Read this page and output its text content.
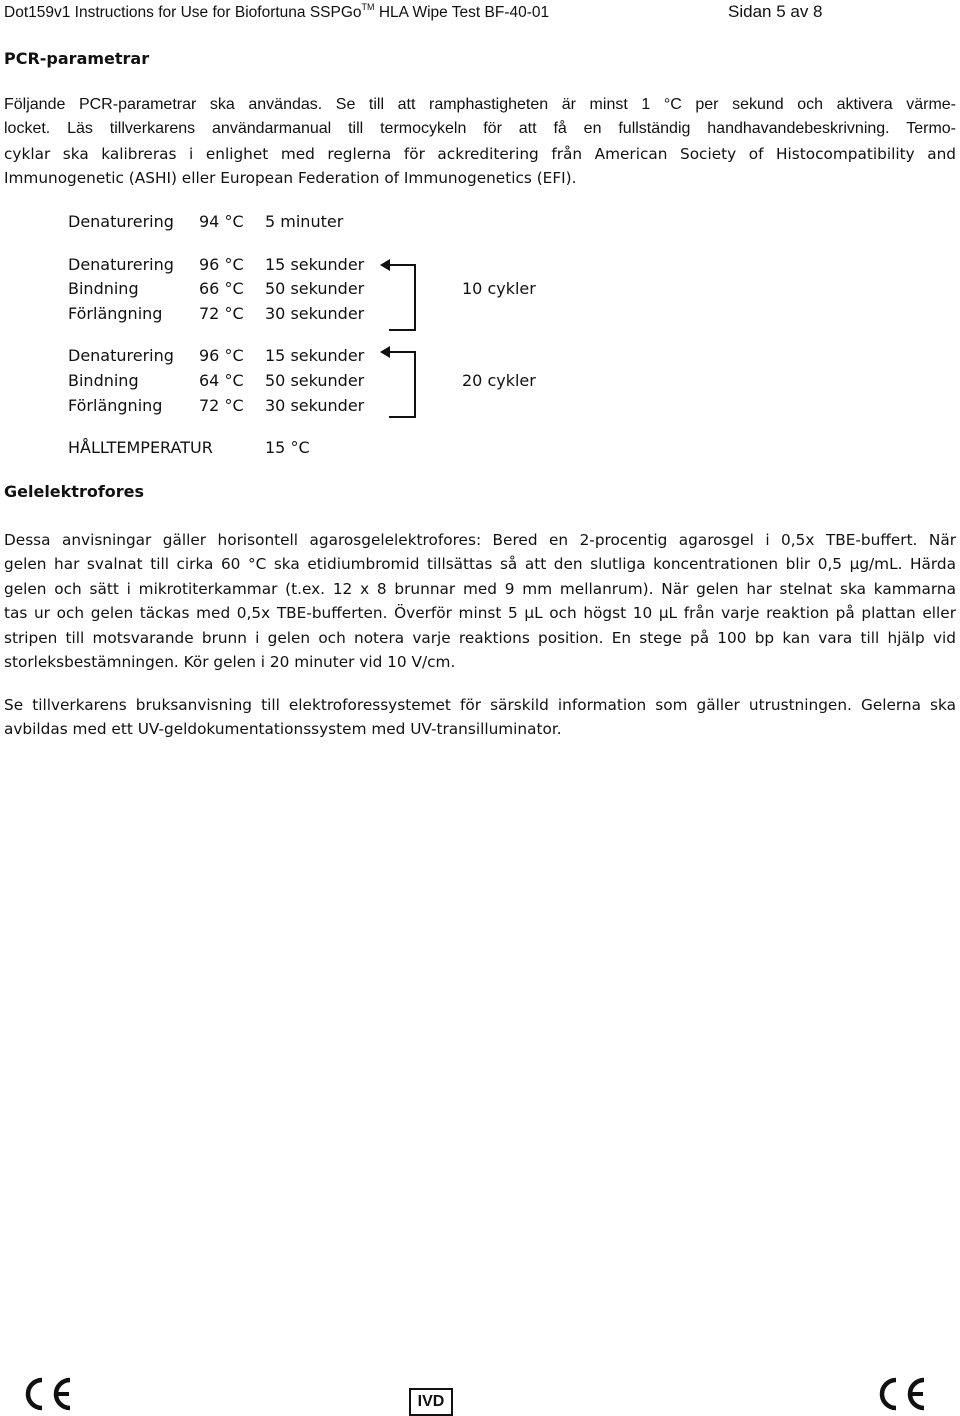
Dot159v1 Instructions for Use for Biofortuna SSPGo™ HLA Wipe Test BF-40-01	Sidan 5 av 8
PCR-parametrar
Följande PCR-parametrar ska användas. Se till att ramphastigheten är minst 1 °C per sekund och aktivera värme-
locket. Läs tillverkarens användarmanual till termocykeln för att få en fullständig handhavandebeskrivning. Termo-
cyklar ska kalibreras i enlighet med reglerna för ackreditering från American Society of Histocompatibility and
Immunogenetic (ASHI) eller European Federation of Immunogenetics (EFI).
Denaturering 94 °C 5 minuter
Denaturering 96 °C 15 sekunder
Bindning	66 °C 50 sekunder
Förlängning 72 °C 30 sekunder
10 cykler
Denaturering 96 °C 15 sekunder
Bindning	64 °C 50 sekunder
Förlängning 72 °C 30 sekunder
20 cykler
HÅLLTEMPERATUR	15 °C
Gelelektrofores
Dessa anvisningar gäller horisontell agarosgelelektrofores: Bered en 2-procentig agarosgel i 0,5x TBE-buffert. När
gelen har svalnat till cirka 60 °C ska etidiumbromid tillsättas så att den slutliga koncentrationen blir 0,5 µg/mL. Härda
gelen och sätt i mikrotiterkammar (t.ex. 12 x 8 brunnar med 9 mm mellanrum). När gelen har stelnat ska kammarna
tas ur och gelen täckas med 0,5x TBE-bufferten. Överför minst 5 µL och högst 10 µL från varje reaktion på plattan eller
stripen till motsvarande brunn i gelen och notera varje reaktions position. En stege på 100 bp kan vara till hjälp vid
storleksbestämningen. Kör gelen i 20 minuter vid 10 V/cm.
Se tillverkarens bruksanvisning till elektroforessystemet för särskild information som gäller utrustningen. Gelerna ska
avbildas med ett UV-geldokumentationssystem med UV-transilluminator.
IVD
